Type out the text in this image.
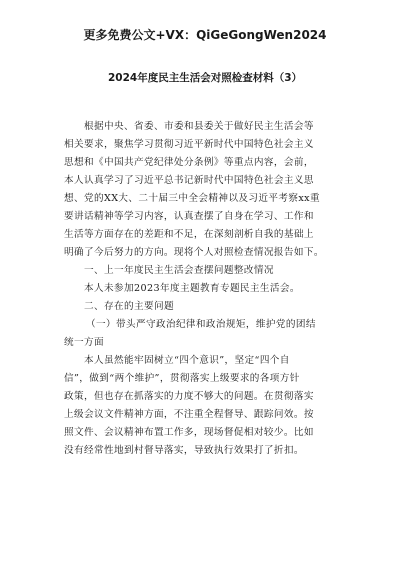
更多免费公文+VX：QiGeGongWen2024
2024年度民主生活会对照检查材料（3）
根据中央、省委、市委和县委关于做好民主生活会等
相关要求，聚焦学习贯彻习近平新时代中国特色社会主义
思想和《中国共产党纪律处分条例》等重点内容，会前，
本人认真学习了习近平总书记新时代中国特色社会主义思
想、党的XX大、二十届三中全会精神以及习近平考察xx重
要讲话精神等学习内容，认真查摆了自身在学习、工作和
生活等方面存在的差距和不足，在深刻剖析自我的基础上
明确了今后努力的方向。现将个人对照检查情况报告如下。
一、上一年度民主生活会查摆问题整改情况
本人未参加2023年度主题教育专题民主生活会。
二、存在的主要问题
（一）带头严守政治纪律和政治规矩，维护党的团结
统一方面
本人虽然能牢固树立“四个意识”，坚定“四个自
信”，做到“两个维护”，贯彻落实上级要求的各项方针
政策，但也存在抓落实的力度不够大的问题。在贯彻落实
上级会议文件精神方面，不注重全程督导、跟踪问效。按
照文件、会议精神布置工作多，现场督促相对较少。比如
没有经常性地到村督导落实，导致执行效果打了折扣。
